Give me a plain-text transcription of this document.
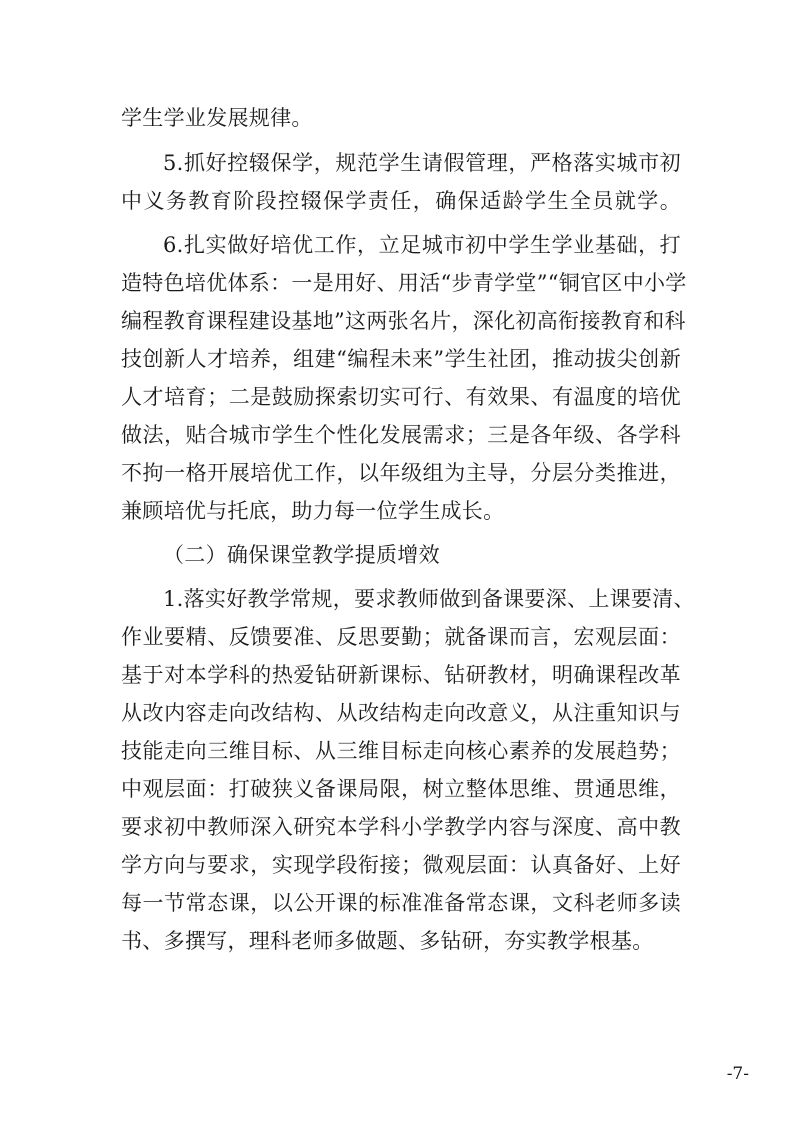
学生学业发展规律。
5.抓好控辍保学，规范学生请假管理，严格落实城市初
中义务教育阶段控辍保学责任，确保适龄学生全员就学。
6.扎实做好培优工作，立足城市初中学生学业基础，打
造特色培优体系：一是用好、用活“步青学堂”“铜官区中小学
编程教育课程建设基地”这两张名片，深化初高衔接教育和科
技创新人才培养，组建“编程未来”学生社团，推动拔尖创新
人才培育；二是鼓励探索切实可行、有效果、有温度的培优
做法，贴合城市学生个性化发展需求；三是各年级、各学科
不拘一格开展培优工作，以年级组为主导，分层分类推进，
兼顾培优与托底，助力每一位学生成长。
（二）确保课堂教学提质增效
1.落实好教学常规，要求教师做到备课要深、上课要清、
作业要精、反馈要准、反思要勤；就备课而言，宏观层面：
基于对本学科的热爱钻研新课标、钻研教材，明确课程改革
从改内容走向改结构、从改结构走向改意义，从注重知识与
技能走向三维目标、从三维目标走向核心素养的发展趋势；
中观层面：打破狭义备课局限，树立整体思维、贯通思维，
要求初中教师深入研究本学科小学教学内容与深度、高中教
学方向与要求，实现学段衔接；微观层面：认真备好、上好
每一节常态课，以公开课的标准准备常态课，文科老师多读
书、多撰写，理科老师多做题、多钻研，夯实教学根基。
-7-
